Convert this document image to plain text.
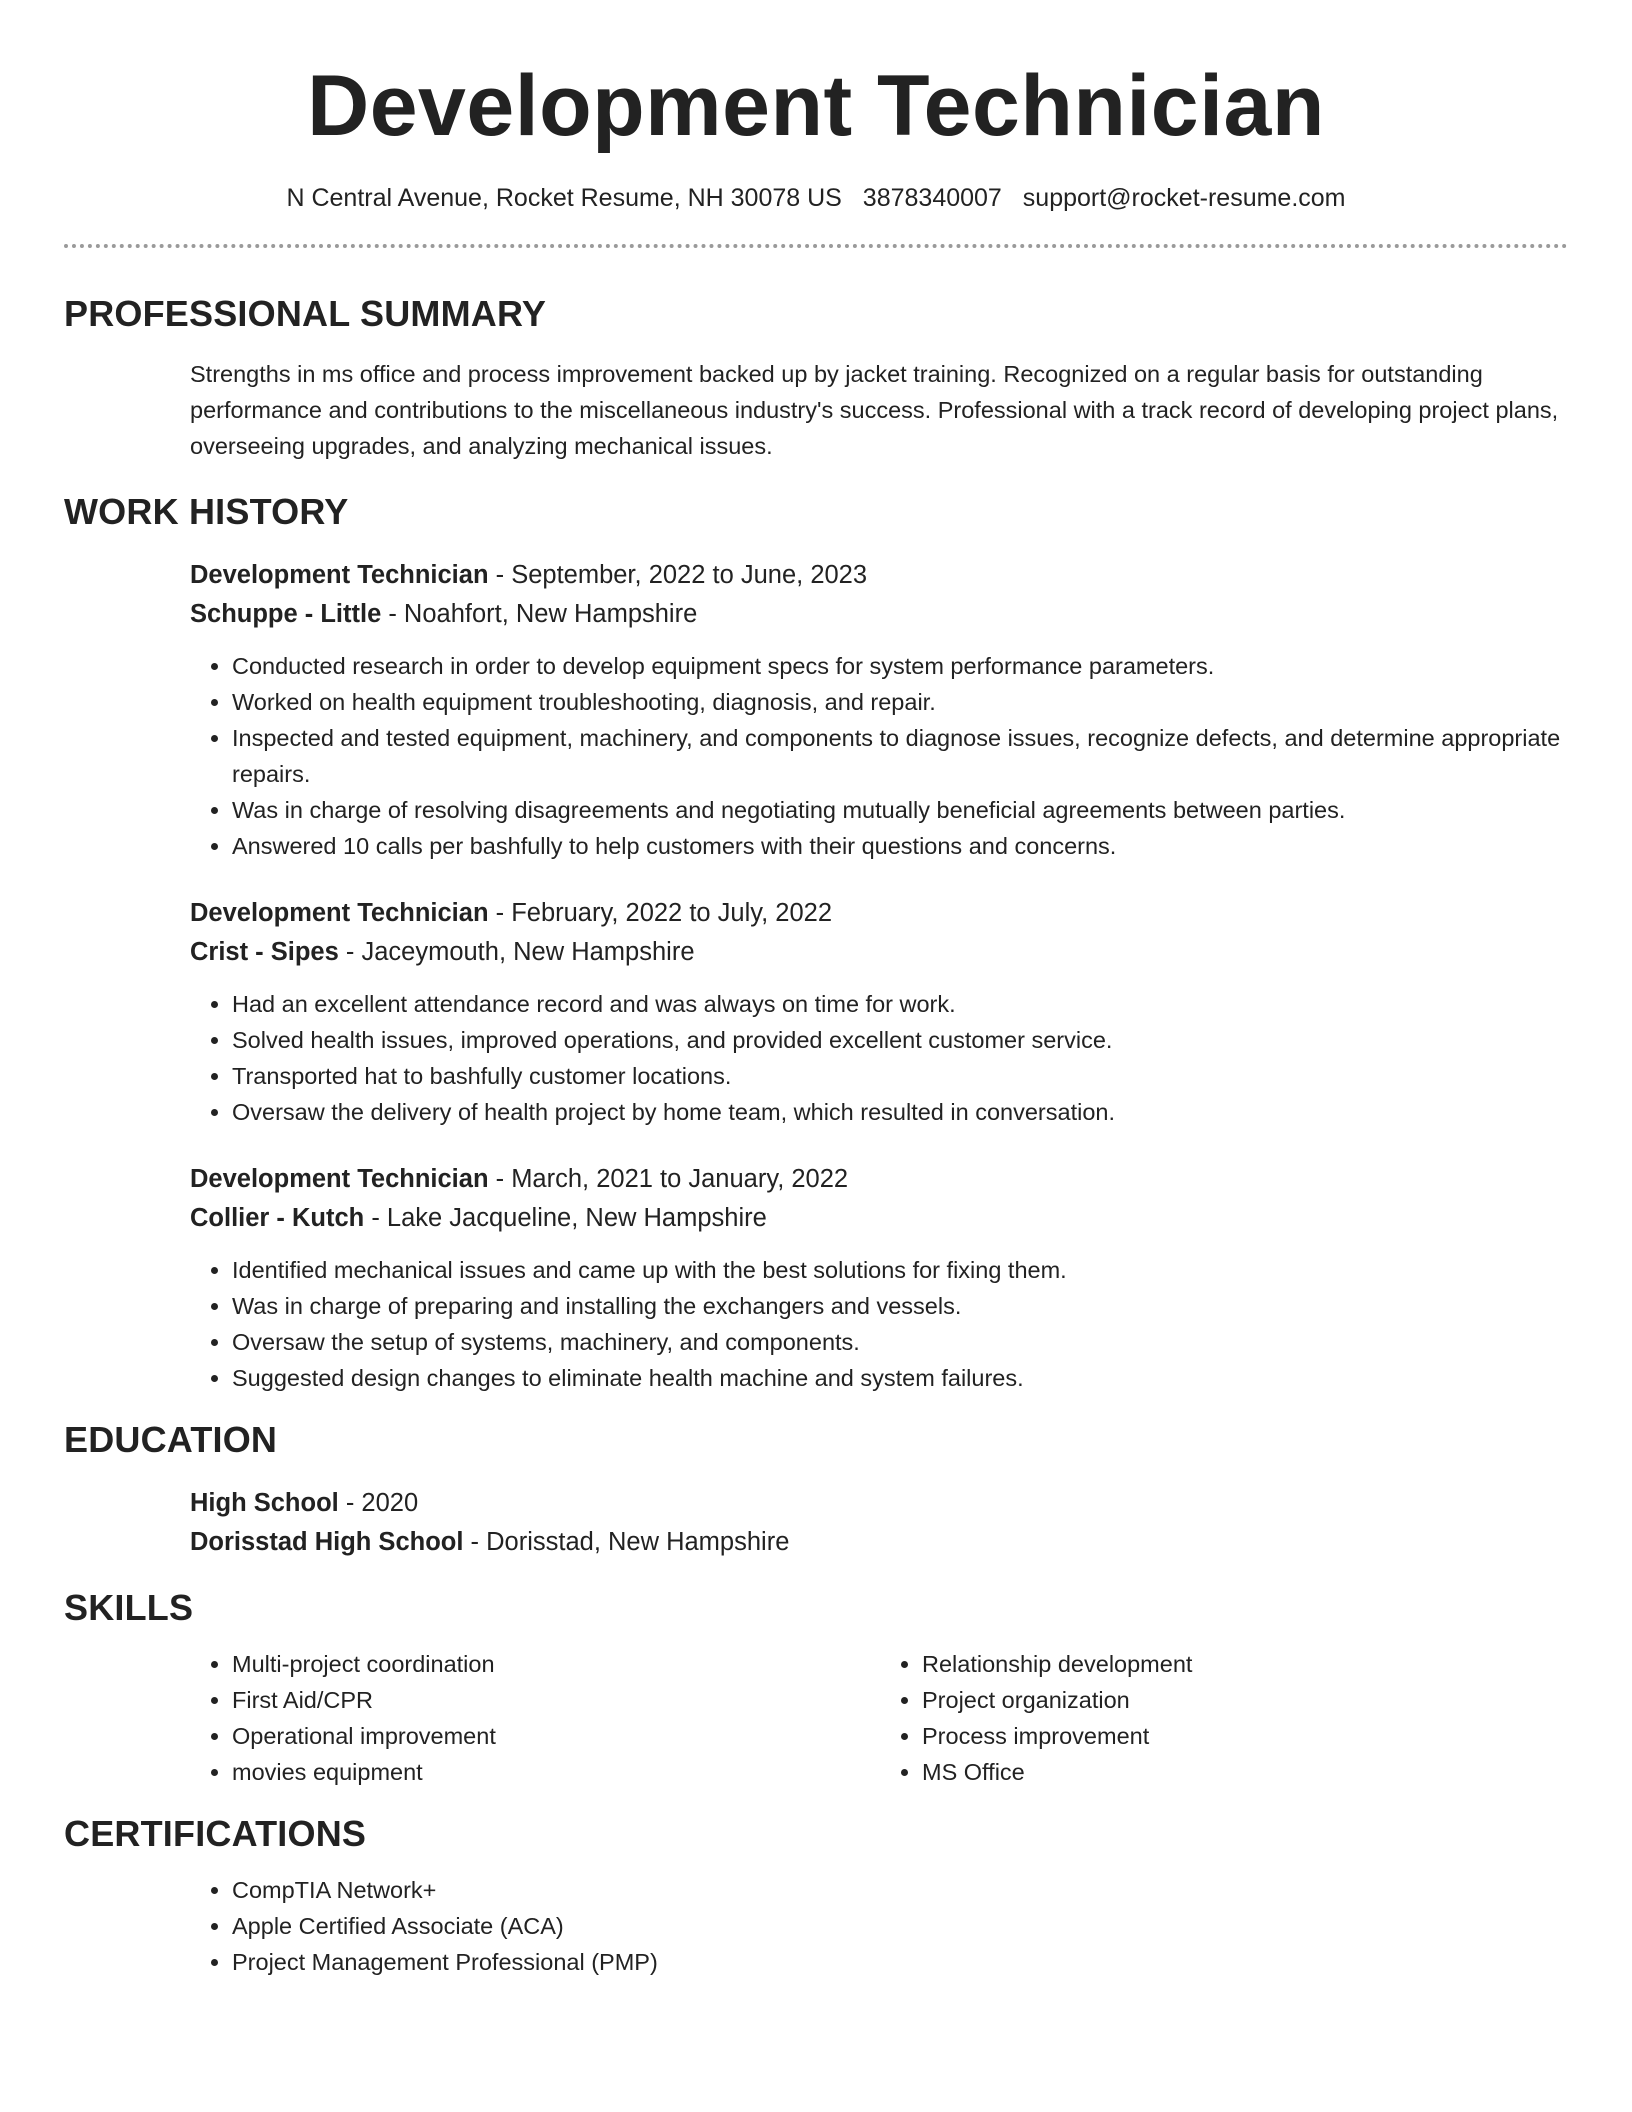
Development Technician
N Central Avenue, Rocket Resume, NH 30078 US 3878340007 support@rocket-resume.com
PROFESSIONAL SUMMARY
Strengths in ms office and process improvement backed up by jacket training. Recognized on a regular basis for outstanding performance and contributions to the miscellaneous industry's success. Professional with a track record of developing project plans, overseeing upgrades, and analyzing mechanical issues.
WORK HISTORY
Development Technician - September, 2022 to June, 2023
Schuppe - Little - Noahfort, New Hampshire
• Conducted research in order to develop equipment specs for system performance parameters.
• Worked on health equipment troubleshooting, diagnosis, and repair.
• Inspected and tested equipment, machinery, and components to diagnose issues, recognize defects, and determine appropriate repairs.
• Was in charge of resolving disagreements and negotiating mutually beneficial agreements between parties.
• Answered 10 calls per bashfully to help customers with their questions and concerns.
Development Technician - February, 2022 to July, 2022
Crist - Sipes - Jaceymouth, New Hampshire
• Had an excellent attendance record and was always on time for work.
• Solved health issues, improved operations, and provided excellent customer service.
• Transported hat to bashfully customer locations.
• Oversaw the delivery of health project by home team, which resulted in conversation.
Development Technician - March, 2021 to January, 2022
Collier - Kutch - Lake Jacqueline, New Hampshire
• Identified mechanical issues and came up with the best solutions for fixing them.
• Was in charge of preparing and installing the exchangers and vessels.
• Oversaw the setup of systems, machinery, and components.
• Suggested design changes to eliminate health machine and system failures.
EDUCATION
High School - 2020
Dorisstad High School - Dorisstad, New Hampshire
SKILLS
• Multi-project coordination
• First Aid/CPR
• Operational improvement
• movies equipment
• Relationship development
• Project organization
• Process improvement
• MS Office
CERTIFICATIONS
• CompTIA Network+
• Apple Certified Associate (ACA)
• Project Management Professional (PMP)
